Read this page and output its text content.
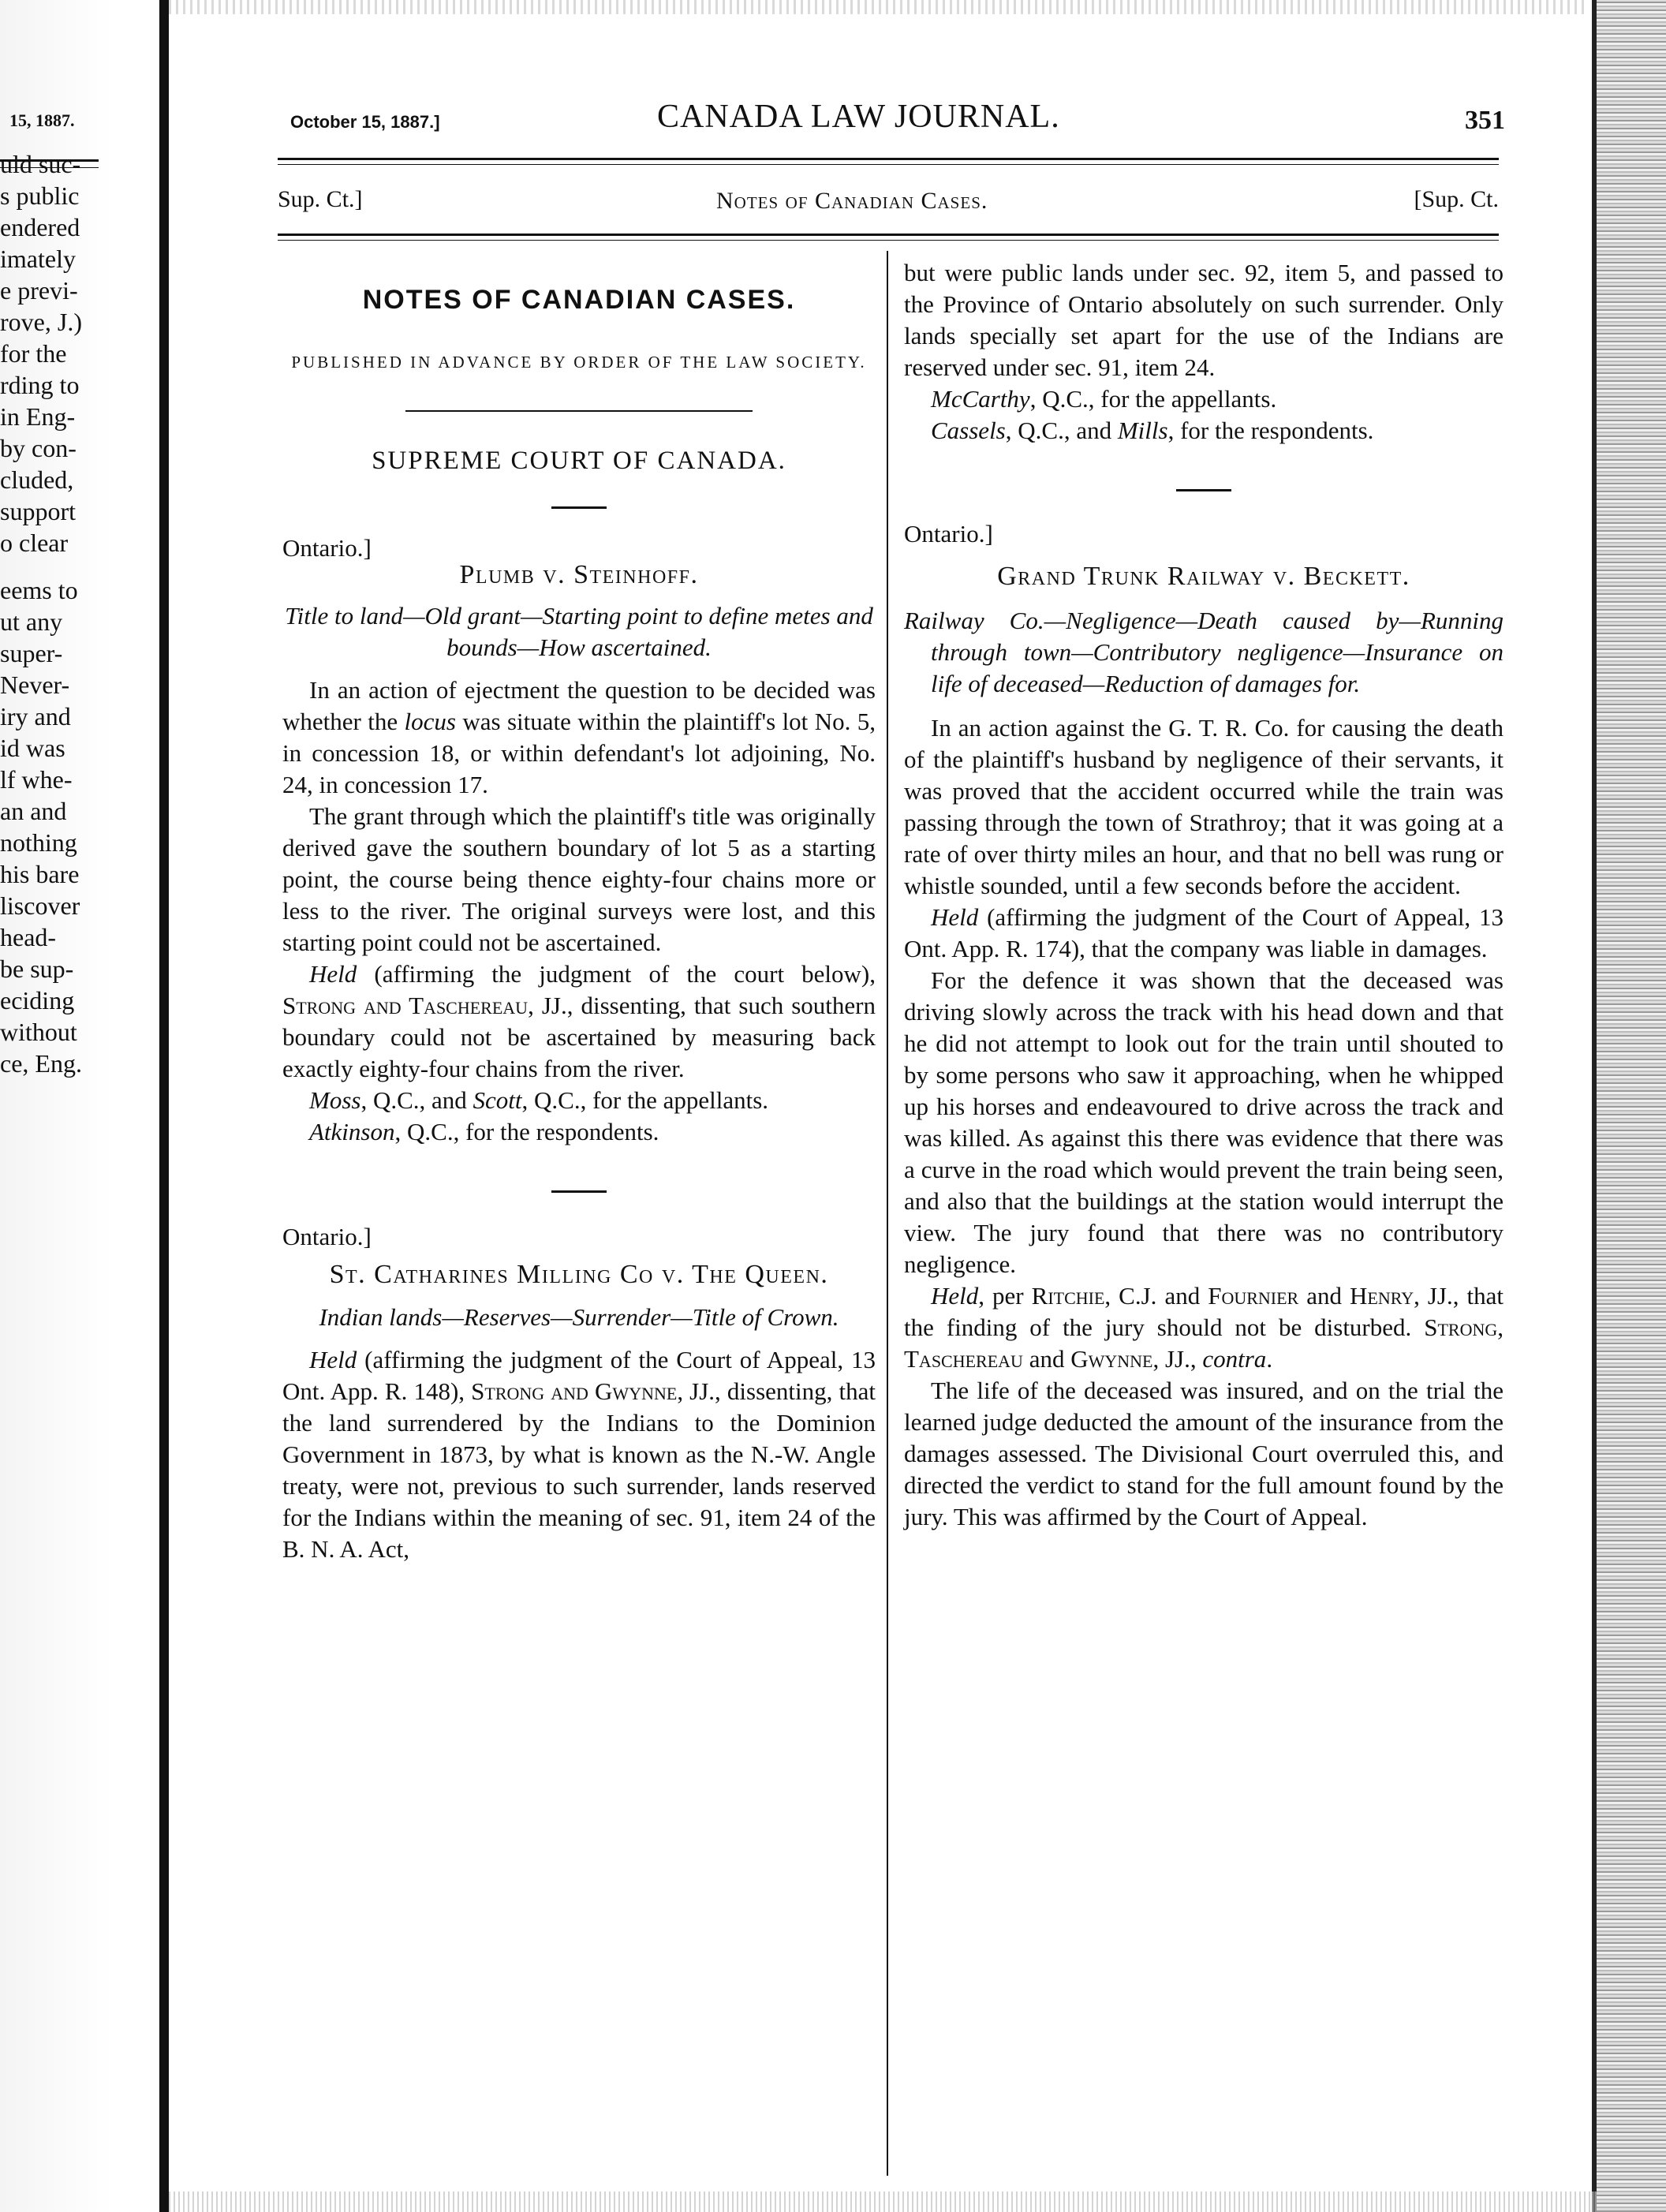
15, 1887.
uld suc-
s public
endered
imately
e previ-
rove, J.)
for the
rding to
in Eng-
by con-
cluded,
support
o clear
eems to
ut any
super-
Never-
iry and
id was
lf whe-
an and
nothing
his bare
liscover
head-
be sup-
eciding
without
ce, Eng.
October 15, 1887.]	CANADA LAW JOURNAL.	351
Sup. Ct.]	Notes of Canadian Cases.	[Sup. Ct.
NOTES OF CANADIAN CASES.
PUBLISHED IN ADVANCE BY ORDER OF THE LAW SOCIETY.
SUPREME COURT OF CANADA.

Ontario.]

Plumb v. Steinhoff.

Title to land—Old grant—Starting point to define metes and bounds—How ascertained.

In an action of ejectment the question to be decided was whether the locus was situate within the plaintiff's lot No. 5, in concession 18, or within defendant's lot adjoining, No. 24, in concession 17.

The grant through which the plaintiff's title was originally derived gave the southern boundary of lot 5 as a starting point, the course being thence eighty-four chains more or less to the river. The original surveys were lost, and this starting point could not be ascertained.

Held (affirming the judgment of the court below), Strong and Taschereau, JJ., dissenting, that such southern boundary could not be ascertained by measuring back exactly eighty-four chains from the river.

Moss, Q.C., and Scott, Q.C., for the appellants.

Atkinson, Q.C., for the respondents.

Ontario.]

St. Catharines Milling Co v. The Queen.

Indian lands—Reserves—Surrender—Title of Crown.

Held (affirming the judgment of the Court of Appeal, 13 Ont. App. R. 148), Strong and Gwynne, JJ., dissenting, that the land surrendered by the Indians to the Dominion Government in 1873, by what is known as the N.-W. Angle treaty, were not, previous to such surrender, lands reserved for the Indians within the meaning of sec. 91, item 24 of the B. N. A. Act,

but were public lands under sec. 92, item 5, and passed to the Province of Ontario absolutely on such surrender. Only lands specially set apart for the use of the Indians are reserved under sec. 91, item 24.

McCarthy, Q.C., for the appellants.

Cassels, Q.C., and Mills, for the respondents.

Ontario.]

Grand Trunk Railway v. Beckett.

Railway Co.—Negligence—Death caused by—Running through town—Contributory negligence—Insurance on life of deceased—Reduction of damages for.

In an action against the G. T. R. Co. for causing the death of the plaintiff's husband by negligence of their servants, it was proved that the accident occurred while the train was passing through the town of Strathroy; that it was going at a rate of over thirty miles an hour, and that no bell was rung or whistle sounded, until a few seconds before the accident.

Held (affirming the judgment of the Court of Appeal, 13 Ont. App. R. 174), that the company was liable in damages.

For the defence it was shown that the deceased was driving slowly across the track with his head down and that he did not attempt to look out for the train until shouted to by some persons who saw it approaching, when he whipped up his horses and endeavoured to drive across the track and was killed. As against this there was evidence that there was a curve in the road which would prevent the train being seen, and also that the buildings at the station would interrupt the view. The jury found that there was no contributory negligence.

Held, per Ritchie, C.J. and Fournier and Henry, JJ., that the finding of the jury should not be disturbed. Strong, Taschereau and Gwynne, JJ., contra.

The life of the deceased was insured, and on the trial the learned judge deducted the amount of the insurance from the damages assessed. The Divisional Court overruled this, and directed the verdict to stand for the full amount found by the jury. This was affirmed by the Court of Appeal.
